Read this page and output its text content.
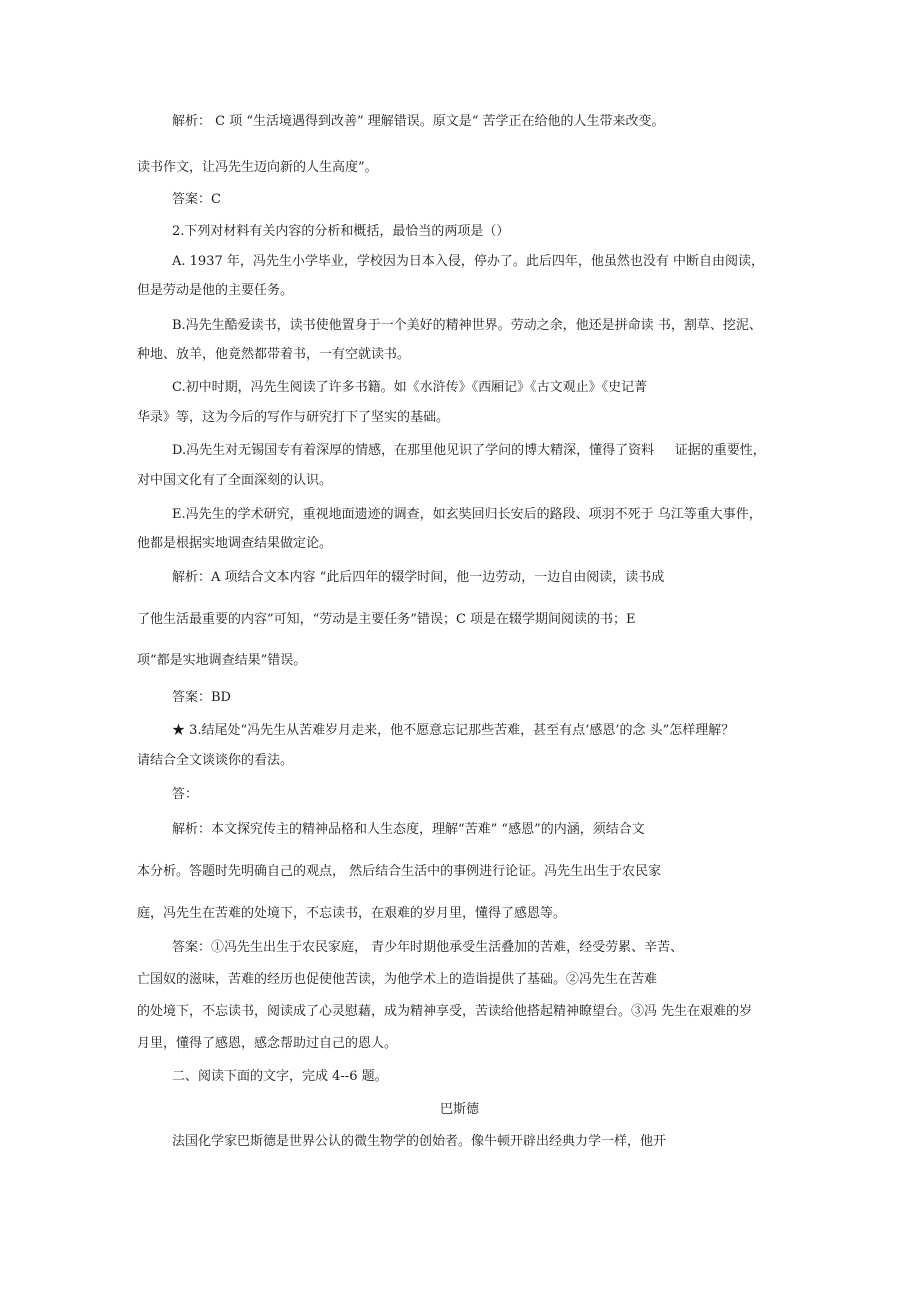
解析： C 项 “生活境遇得到改善” 理解错误。原文是“ 苦学正在给他的人生带来改变。
读书作文，让冯先生迈向新的人生高度”。
答案：C
2.下列对材料有关内容的分析和概括，最恰当的两项是（）
A. 1937 年，冯先生小学毕业，学校因为日本入侵，停办了。此后四年，他虽然也没有 中断自由阅读，
但是劳动是他的主要任务。
B.冯先生酷爱读书，读书使他置身于一个美好的精神世界。劳动之余，他还是拼命读 书，割草、挖泥、
种地、放羊，他竟然都带着书，一有空就读书。
C.初中时期，冯先生阅读了许多书籍。如《水浒传》《西厢记》《古文观止》《史记菁
华录》等，这为今后的写作与研究打下了坚实的基础。
D.冯先生对无锡国专有着深厚的情感，在那里他见识了学问的博大精深，懂得了资料     证据的重要性，
对中国文化有了全面深刻的认识。
E.冯先生的学术研究，重视地面遗迹的调查，如玄奘回归长安后的路段、项羽不死于 乌江等重大事件，
他都是根据实地调查结果做定论。
解析：A 项结合文本内容 “此后四年的辍学时间，他一边劳动，一边自由阅读，读书成
了他生活最重要的内容”可知，“劳动是主要任务”错误；C 项是在辍学期间阅读的书；E
项“都是实地调查结果”错误。
答案：BD
★ 3.结尾处“冯先生从苦难岁月走来，他不愿意忘记那些苦难，甚至有点‘感恩’的念 头”怎样理解？
请结合全文谈谈你的看法。
答：
解析：本文探究传主的精神品格和人生态度，理解“苦难” “感恩”的内涵，须结合文
本分析。答题时先明确自己的观点， 然后结合生活中的事例进行论证。冯先生出生于农民家
庭，冯先生在苦难的处境下，不忘读书，在艰难的岁月里，懂得了感恩等。
答案：①冯先生出生于农民家庭， 青少年时期他承受生活叠加的苦难，经受劳累、辛苦、
亡国奴的滋味，苦难的经历也促使他苦读，为他学术上的造诣提供了基础。②冯先生在苦难
的处境下，不忘读书，阅读成了心灵慰藉，成为精神享受，苦读给他搭起精神瞭望台。③冯 先生在艰难的岁
月里，懂得了感恩，感念帮助过自己的恩人。
二、阅读下面的文字，完成 4--6 题。
巴斯德
法国化学家巴斯德是世界公认的微生物学的创始者。像牛顿开辟出经典力学一样，他开
